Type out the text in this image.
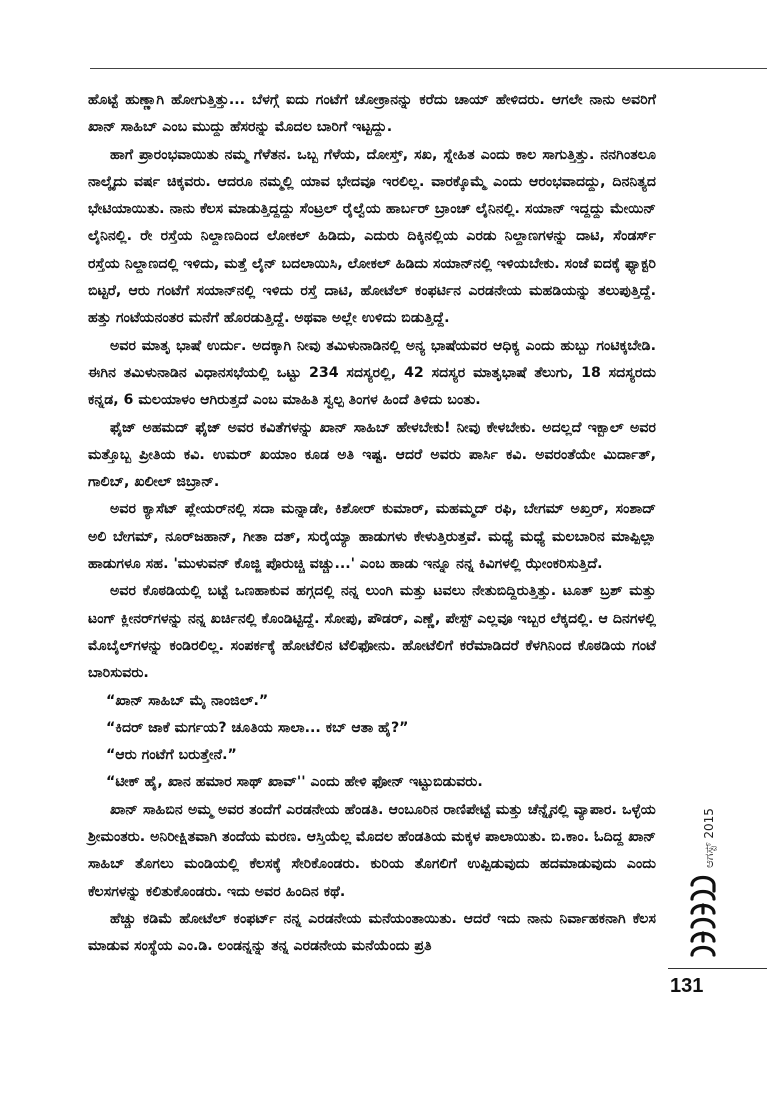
ಹೊಟ್ಟೆ ಹುಣ್ಣಾಗಿ ಹೋಗುತ್ತಿತ್ತು... ಬೆಳಗ್ಗೆ ಐದು ಗಂಟೆಗೆ ಚೋಕ್ರಾನನ್ನು ಕರೆದು ಚಾಯ್ ಹೇಳಿದರು. ಆಗಲೇ ನಾನು ಅವರಿಗೆ ಖಾನ್ ಸಾಹಿಬ್ ಎಂಬ ಮುದ್ದು ಹೆಸರನ್ನು ಮೊದಲ ಬಾರಿಗೆ ಇಟ್ಟದ್ದು.

ಹಾಗೆ ಪ್ರಾರಂಭವಾಯಿತು ನಮ್ಮ ಗೆಳೆತನ. ಒಬ್ಬ ಗೆಳೆಯ, ದೋಸ್ತ್, ಸಖ, ಸ್ನೇಹಿತ ಎಂದು ಕಾಲ ಸಾಗುತ್ತಿತ್ತು. ನನಗಿಂತಲೂ ನಾಲ್ಕೈದು ವರ್ಷ ಚಿಕ್ಕವರು. ಆದರೂ ನಮ್ಮಲ್ಲಿ ಯಾವ ಭೇದವೂ ಇರಲಿಲ್ಲ. ವಾರಕ್ಕೊಮ್ಮೆ ಎಂದು ಆರಂಭವಾದದ್ದು, ದಿನನಿತ್ಯದ ಭೇಟಿಯಾಯಿತು. ನಾನು ಕೆಲಸ ಮಾಡುತ್ತಿದ್ದದ್ದು ಸೆಂಟ್ರಲ್ ರೈಲ್ವೆಯ ಹಾರ್ಬರ್ ಬ್ರಾಂಚ್ ಲೈನಿನಲ್ಲಿ. ಸಯಾನ್ ಇದ್ದದ್ದು ಮೇಯಿನ್ ಲೈನಿನಲ್ಲಿ. ರೇ ರಸ್ತೆಯ ನಿಲ್ದಾಣದಿಂದ ಲೋಕಲ್ ಹಿಡಿದು, ಎದುರು ದಿಕ್ಕಿನಲ್ಲಿಯ ಎರಡು ನಿಲ್ದಾಣಗಳನ್ನು ದಾಟಿ, ಸೆಂಡರ್ಸ್ ರಸ್ತೆಯ ನಿಲ್ದಾಣದಲ್ಲಿ ಇಳಿದು, ಮತ್ತೆ ಲೈನ್ ಬದಲಾಯಿಸಿ, ಲೋಕಲ್ ಹಿಡಿದು ಸಯಾನ್‌ನಲ್ಲಿ ಇಳಿಯಬೇಕು. ಸಂಜೆ ಐದಕ್ಕೆ ಫ್ಯಾಕ್ಟರಿ ಬಿಟ್ಟರೆ, ಆರು ಗಂಟೆಗೆ ಸಯಾನ್‌ನಲ್ಲಿ ಇಳಿದು ರಸ್ತೆ ದಾಟಿ, ಹೋಟೆಲ್ ಕಂಫರ್ಟಿನ ಎರಡನೇಯ ಮಹಡಿಯನ್ನು ತಲುಪುತ್ತಿದ್ದೆ. ಹತ್ತು ಗಂಟೆಯನಂತರ ಮನೆಗೆ ಹೊರಡುತ್ತಿದ್ದೆ. ಅಥವಾ ಅಲ್ಲೇ ಉಳಿದು ಬಿಡುತ್ತಿದ್ದೆ.

ಅವರ ಮಾತೃ ಭಾಷೆ ಉರ್ದು. ಅದಕ್ಕಾಗಿ ನೀವು ತಮಿಳುನಾಡಿನಲ್ಲಿ ಅನ್ಯ ಭಾಷೆಯವರ ಆಧಿಕ್ಯ ಎಂದು ಹುಬ್ಬು ಗಂಟಿಕ್ಕಬೇಡಿ. ಈಗಿನ ತಮಿಳುನಾಡಿನ ವಿಧಾನಸಭೆಯಲ್ಲಿ ಒಟ್ಟು 234 ಸದಸ್ಯರಲ್ಲಿ, 42 ಸದಸ್ಯರ ಮಾತೃಭಾಷೆ ತೆಲುಗು, 18 ಸದಸ್ಯರದು ಕನ್ನಡ, 6 ಮಲಯಾಳಂ ಆಗಿರುತ್ತದೆ ಎಂಬ ಮಾಹಿತಿ ಸ್ವಲ್ಪ ತಿಂಗಳ ಹಿಂದೆ ತಿಳಿದು ಬಂತು.

ಫೈಜ್ ಅಹಮದ್ ಫೈಜ್ ಅವರ ಕವಿತೆಗಳನ್ನು ಖಾನ್ ಸಾಹಿಬ್ ಹೇಳಬೇಕು! ನೀವು ಕೇಳಬೇಕು. ಅದಲ್ಲದೆ ಇಕ್ಬಾಲ್ ಅವರ ಮತ್ತೊಬ್ಬ ಪ್ರೀತಿಯ ಕವಿ. ಉಮರ್ ಖಯಾಂ ಕೂಡ ಅತಿ ಇಷ್ಟ. ಆದರೆ ಅವರು ಪಾರ್ಸಿ ಕವಿ. ಅವರಂತೆಯೇ ಮಿರ್ದಾತ್, ಗಾಲಿಬ್, ಖಲೀಲ್ ಜಿಬ್ರಾನ್.

ಅವರ ಕ್ಯಾಸೆಟ್ ಪ್ಲೇಯರ್‌ನಲ್ಲಿ ಸದಾ ಮನ್ನಾಡೇ, ಕಿಶೋರ್ ಕುಮಾರ್, ಮಹಮ್ಮದ್ ರಫಿ, ಬೇಗಮ್ ಅಖ್ತರ್, ಸಂಶಾದ್ ಅಲಿ ಬೇಗಮ್, ನೂರ್‌ಜಹಾನ್, ಗೀತಾ ದತ್, ಸುರೈಯ್ಯಾ ಹಾಡುಗಳು ಕೇಳುತ್ತಿರುತ್ತವೆ. ಮಧ್ಯೆ ಮಧ್ಯೆ ಮಲಬಾರಿನ ಮಾಪ್ಪಿಲ್ಲಾ ಹಾಡುಗಳೂ ಸಹ. 'ಮುಳುವನ್ ಕೊಜ್ಜಿ ಪೊರುಚ್ಚಿ ವಚ್ಚು...' ಎಂಬ ಹಾಡು ಇನ್ನೂ ನನ್ನ ಕಿವಿಗಳಲ್ಲಿ ಝೇಂಕರಿಸುತ್ತಿದೆ.

ಅವರ ಕೊಠಡಿಯಲ್ಲಿ ಬಟ್ಟೆ ಒಣಹಾಕುವ ಹಗ್ಗದಲ್ಲಿ ನನ್ನ ಲುಂಗಿ ಮತ್ತು ಟವಲು ನೇತುಬಿದ್ದಿರುತ್ತಿತ್ತು. ಟೂತ್ ಬ್ರಶ್ ಮತ್ತು ಟಂಗ್ ಕ್ಲೀನರ್‌ಗಳನ್ನು ನನ್ನ ಖರ್ಚಿನಲ್ಲಿ ಕೊಂಡಿಟ್ಟಿದ್ದೆ. ಸೋಪು, ಪೌಡರ್, ಎಣ್ಣೆ, ಪೇಸ್ಟ್ ಎಲ್ಲವೂ ಇಬ್ಬರ ಲೆಕ್ಕದಲ್ಲಿ. ಆ ದಿನಗಳಲ್ಲಿ ಮೊಬೈಲ್‌ಗಳನ್ನು ಕಂಡಿರಲಿಲ್ಲ. ಸಂಪರ್ಕಕ್ಕೆ ಹೋಟೆಲಿನ ಟೆಲಿಫೋನು. ಹೋಟೆಲಿಗೆ ಕರೆಮಾಡಿದರೆ ಕೆಳಗಿನಿಂದ ಕೊಠಡಿಯ ಗಂಟೆ ಬಾರಿಸುವರು.

“ಖಾನ್ ಸಾಹಿಬ್ ಮೈ ನಾಂಜಿಲ್.”

“ಕಿದರ್ ಜಾಕೆ ಮರ್ಗಯ? ಚೂತಿಯ ಸಾಲಾ... ಕಬ್ ಆತಾ ಹೈ?”

“ಆರು ಗಂಟೆಗೆ ಬರುತ್ತೇನೆ.”

“ಟೀಕ್ ಹೈ, ಖಾನ ಹಮಾರ ಸಾಥ್ ಖಾವ್'' ಎಂದು ಹೇಳಿ ಫೋನ್ ಇಟ್ಟುಬಿಡುವರು.

ಖಾನ್ ಸಾಹಿಬಿನ ಅಮ್ಮ ಅವರ ತಂದೆಗೆ ಎರಡನೇಯ ಹೆಂಡತಿ. ಆಂಬೂರಿನ ರಾಣಿಪೇಟ್ಟೆ ಮತ್ತು ಚೆನ್ನೈನಲ್ಲಿ ವ್ಯಾಪಾರ. ಒಳ್ಳೆಯ ಶ್ರೀಮಂತರು. ಅನಿರೀಕ್ಷಿತವಾಗಿ ತಂದೆಯ ಮರಣ. ಆಸ್ತಿಯೆಲ್ಲ ಮೊದಲ ಹೆಂಡತಿಯ ಮಕ್ಕಳ ಪಾಲಾಯಿತು. ಬಿ.ಕಾಂ. ಓದಿದ್ದ ಖಾನ್ ಸಾಹಿಬ್ ತೊಗಲು ಮಂಡಿಯಲ್ಲಿ ಕೆಲಸಕ್ಕೆ ಸೇರಿಕೊಂಡರು. ಕುರಿಯ ತೊಗಲಿಗೆ ಉಪ್ಪಿಡುವುದು ಹದಮಾಡುವುದು ಎಂದು ಕೆಲಸಗಳನ್ನು ಕಲಿತುಕೊಂಡರು. ಇದು ಅವರ ಹಿಂದಿನ ಕಥೆ.

ಹೆಚ್ಚು ಕಡಿಮೆ ಹೋಟೆಲ್ ಕಂಫರ್ಟ್ ನನ್ನ ಎರಡನೇಯ ಮನೆಯಂತಾಯಿತು. ಆದರೆ ಇದು ನಾನು ನಿರ್ವಾಹಕನಾಗಿ ಕೆಲಸ ಮಾಡುವ ಸಂಸ್ಥೆಯ ಎಂ.ಡಿ. ಲಂಡನ್ನನ್ನು ತನ್ನ ಎರಡನೇಯ ಮನೆಯೆಂದು ಪ್ರತಿ

ಆಗಸ್ಟ್ 2015
131
